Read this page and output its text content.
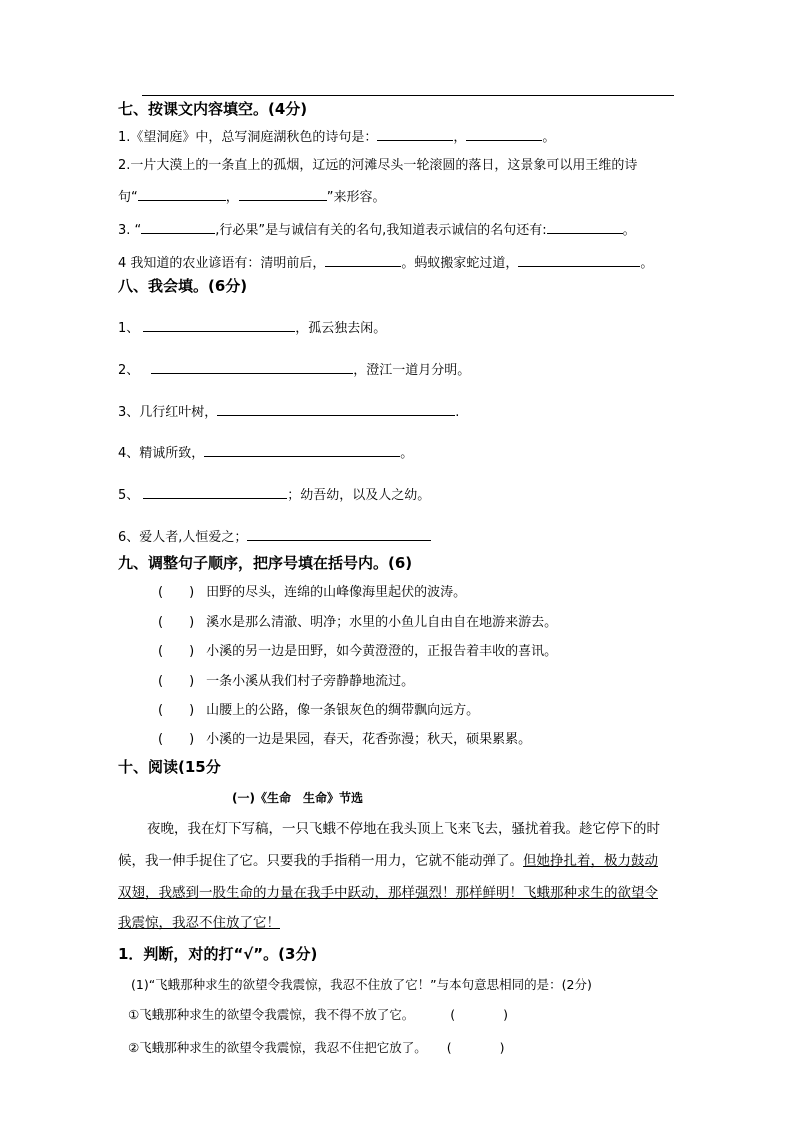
七、按课文内容填空。(4分)
1.《望洞庭》中，总写洞庭湖秋色的诗句是：	，	。
2.一片大漠上的一条直上的孤烟，辽远的河滩尽头一轮滚圆的落日，这景象可以用王维的诗
句“	，	”来形容。
3. “	,行必果”是与诚信有关的名句,我知道表示诚信的名句还有:	。
4 我知道的农业谚语有：清明前后，	。蚂蚁搬家蛇过道，	。
八、我会填。(6分)
1、	，孤云独去闲。
2、	，澄江一道月分明。
3、几行红叶树，	.
4、精诚所致，	。
5、	；幼吾幼，以及人之幼。
6、爱人者,人恒爱之；
九、调整句子顺序，把序号填在括号内。(6)
( ) 田野的尽头，连绵的山峰像海里起伏的波涛。
( ) 溪水是那么清澈、明净；水里的小鱼儿自由自在地游来游去。
( ) 小溪的另一边是田野，如今黄澄澄的，正报告着丰收的喜讯。
( ) 一条小溪从我们村子旁静静地流过。
( ) 山腰上的公路，像一条银灰色的绸带飘向远方。
( ) 小溪的一边是果园，春天，花香弥漫；秋天，硕果累累。
十、阅读(15分
(一)《生命　生命》节选
夜晚，我在灯下写稿，一只飞蛾不停地在我头顶上飞来飞去，骚扰着我。趁它停下的时
候，我一伸手捉住了它。只要我的手指稍一用力，它就不能动弹了。但她挣扎着，极力鼓动
双翅，我感到一股生命的力量在我手中跃动，那样强烈！那样鲜明！飞蛾那种求生的欲望令
我震惊，我忍不住放了它！
1．判断，对的打“√”。(3分)
(1)“飞蛾那种求生的欲望令我震惊，我忍不住放了它！”与本句意思相同的是：(2分)
①飞蛾那种求生的欲望令我震惊，我不得不放了它。	(	)
②飞蛾那种求生的欲望令我震惊，我忍不住把它放了。 (	)
